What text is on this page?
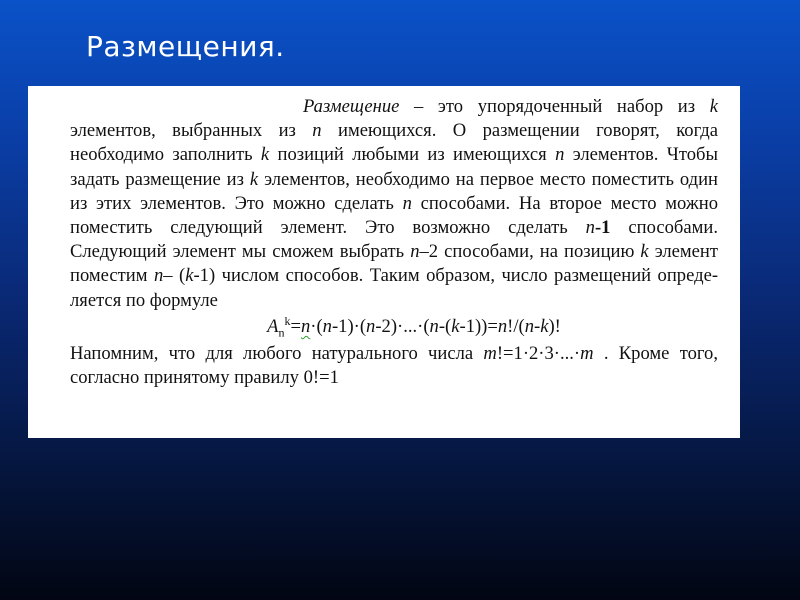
Размещения.

Размещение – это упорядоченный набор из k элементов, выбранных из n имеющихся. О размещении говорят, когда необходимо заполнить k позиций любыми из имеющихся n элементов. Чтобы задать размещение из k элементов, необходимо на первое место поместить один из этих элементов. Это можно сделать n способами. На второе место можно поместить следующий элемент. Это возможно сделать n-1 способами. Следующий элемент мы сможем выбрать n–2 способами, на позицию k элемент поместим n– (k-1) числом способов. Таким образом, число размещений опреде-ляется по формуле

$A_n^k=n\cdot(n-1)\cdot(n-2)\cdot...\cdot(n-(k-1))=n!/(n-k)$!

Напомним, что для любого натурального числа m!=1·2·3·...·m . Кроме того, согласно принятому правилу 0!=1
